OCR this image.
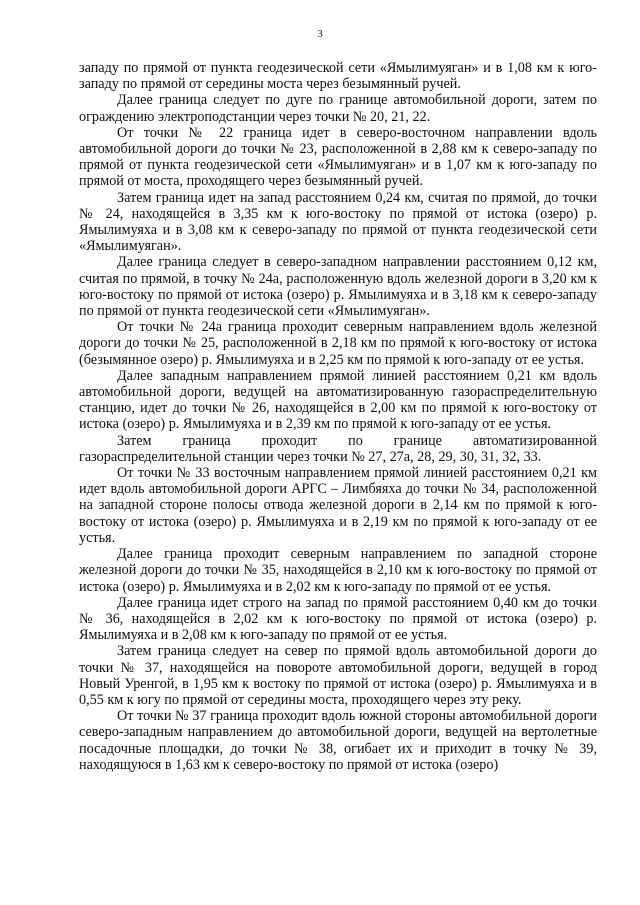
3

западу по прямой от пункта геодезической сети «Ямылимуяган» и в 1,08 км к юго-западу по прямой от середины моста через безымянный ручей.

Далее граница следует по дуге по границе автомобильной дороги, затем по ограждению электроподстанции через точки № 20, 21, 22.

От точки № 22 граница идет в северо-восточном направлении вдоль автомобильной дороги до точки № 23, расположенной в 2,88 км к северо-западу по прямой от пункта геодезической сети «Ямылимуяган» и в 1,07 км к юго-западу по прямой от моста, проходящего через безымянный ручей.

Затем граница идет на запад расстоянием 0,24 км, считая по прямой, до точки № 24, находящейся в 3,35 км к юго-востоку по прямой от истока (озеро) р. Ямылимуяха и в 3,08 км к северо-западу по прямой от пункта геодезической сети «Ямылимуяган».

Далее граница следует в северо-западном направлении расстоянием 0,12 км, считая по прямой, в точку № 24а, расположенную вдоль железной дороги в 3,20 км к юго-востоку по прямой от истока (озеро) р. Ямылимуяха и в 3,18 км к северо-западу по прямой от пункта геодезической сети «Ямылимуяган».

От точки № 24а граница проходит северным направлением вдоль железной дороги до точки № 25, расположенной в 2,18 км по прямой к юго-востоку от истока (безымянное озеро) р. Ямылимуяха и в 2,25 км по прямой к юго-западу от ее устья.

Далее западным направлением прямой линией расстоянием 0,21 км вдоль автомобильной дороги, ведущей на автоматизированную газораспределительную станцию, идет до точки № 26, находящейся в 2,00 км по прямой к юго-востоку от истока (озеро) р. Ямылимуяха и в 2,39 км по прямой к юго-западу от ее устья.

Затем граница проходит по границе автоматизированной газораспределительной станции через точки № 27, 27а, 28, 29, 30, 31, 32, 33.

От точки № 33 восточным направлением прямой линией расстоянием 0,21 км идет вдоль автомобильной дороги АРГС – Лимбяяха до точки № 34, расположенной на западной стороне полосы отвода железной дороги в 2,14 км по прямой к юго-востоку от истока (озеро) р. Ямылимуяха и в 2,19 км по прямой к юго-западу от ее устья.

Далее граница проходит северным направлением по западной стороне железной дороги до точки № 35, находящейся в 2,10 км к юго-востоку по прямой от истока (озеро) р. Ямылимуяха и в 2,02 км к юго-западу по прямой от ее устья.

Далее граница идет строго на запад по прямой расстоянием 0,40 км до точки № 36, находящейся в 2,02 км к юго-востоку по прямой от истока (озеро) р. Ямылимуяха и в 2,08 км к юго-западу по прямой от ее устья.

Затем граница следует на север по прямой вдоль автомобильной дороги до точки № 37, находящейся на повороте автомобильной дороги, ведущей в город Новый Уренгой, в 1,95 км к востоку по прямой от истока (озеро) р. Ямылимуяха и в 0,55 км к югу по прямой от середины моста, проходящего через эту реку.

От точки № 37 граница проходит вдоль южной стороны автомобильной дороги северо-западным направлением до автомобильной дороги, ведущей на вертолетные посадочные площадки, до точки № 38, огибает их и приходит в точку № 39, находящуюся в 1,63 км к северо-востоку по прямой от истока (озеро)
